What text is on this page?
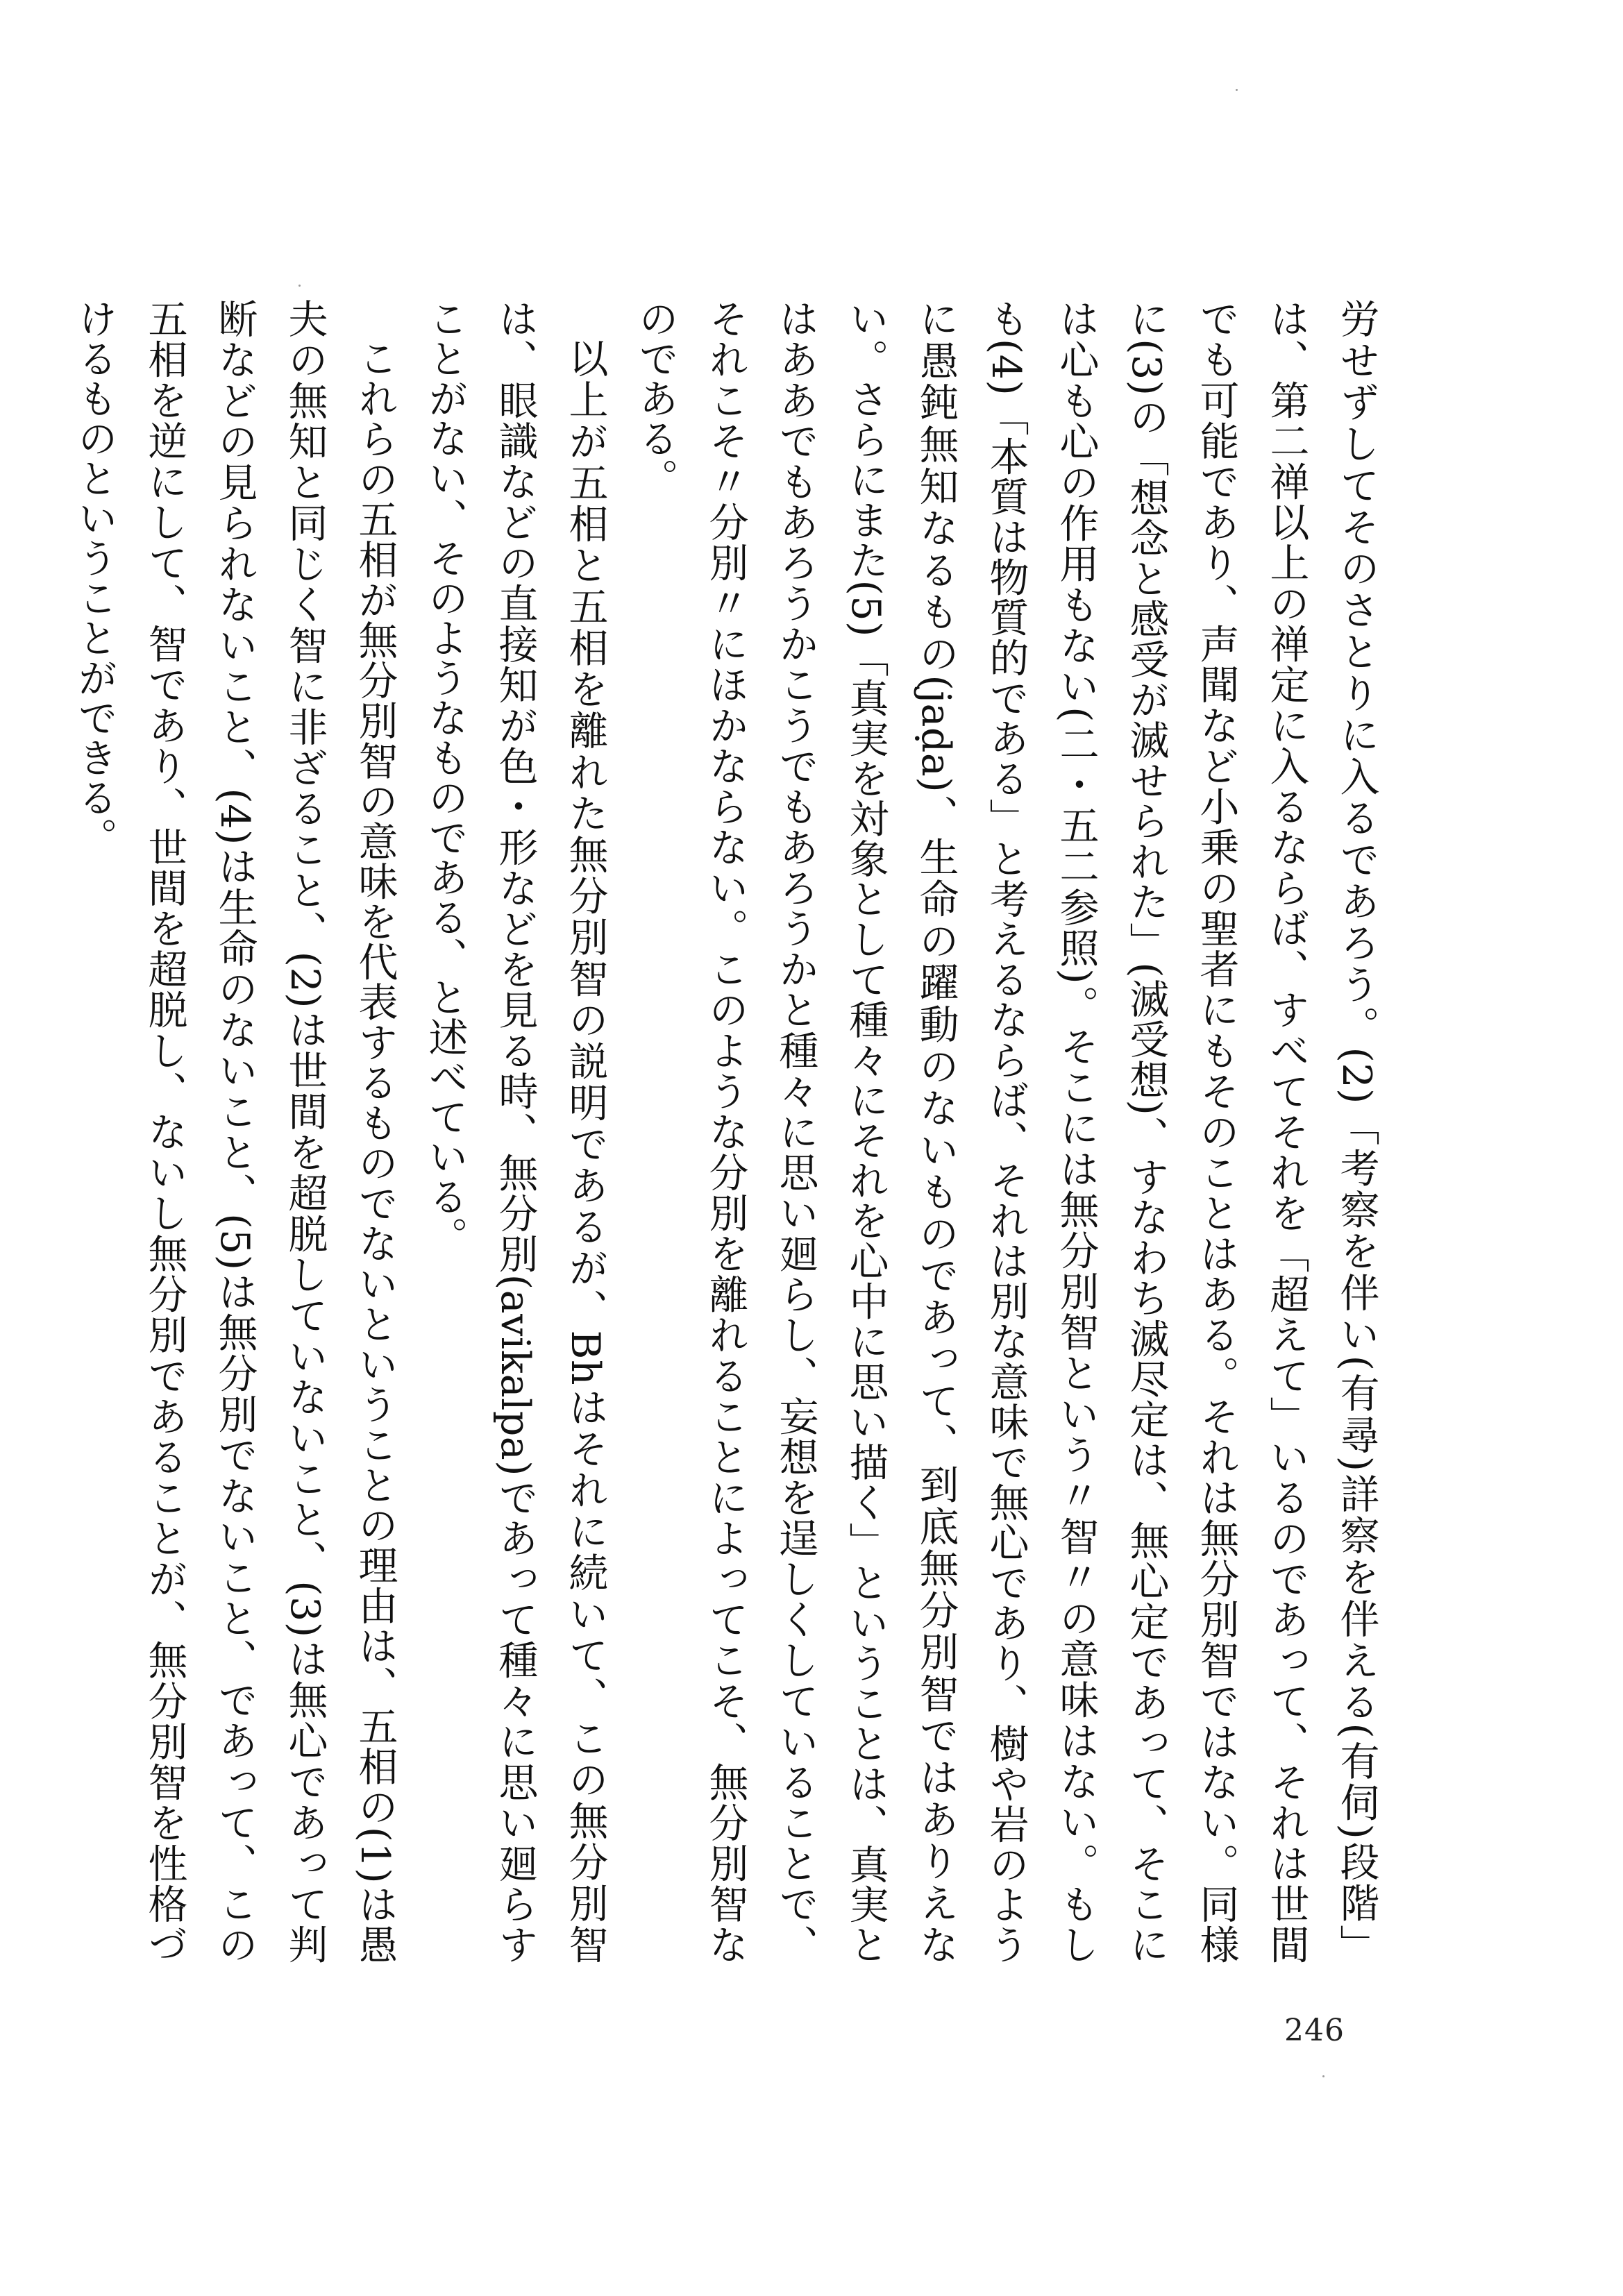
労せずしてそのさとりに入るであろう。(2)「考察を伴い(有尋)詳察を伴える(有伺)段階」は、第二禅以上の禅定に入るならば、すべてそれを「超えて」いるのであって、それは世間でも可能であり、声聞など小乗の聖者にもそのことはある。それは無分別智ではない。同様に(3)の「想念と感受が滅せられた」(滅受想)、すなわち滅尽定は、無心定であって、そこには心も心の作用もない(二・五二参照)。そこには無分別智という〃智〃の意味はない。もしも(4)「本質は物質的である」と考えるならば、それは別な意味で無心であり、樹や岩のように愚鈍無知なるもの(jaḍa)、生命の躍動のないものであって、到底無分別智ではありえない。さらにまた(5)「真実を対象として種々にそれを心中に思い描く」ということは、真実とはああでもあろうかこうでもあろうかと種々に思い廻らし、妄想を逞しくしていることで、それこそ〃分別〃にほかならない。このような分別を離れることによってこそ、無分別智なのである。

以上が五相と五相を離れた無分別智の説明であるが、Bhはそれに続いて、この無分別智は、眼識などの直接知が色・形などを見る時、無分別(avikalpa)であって種々に思い廻らすことがない、そのようなものである、と述べている。

これらの五相が無分別智の意味を代表するものでないということの理由は、五相の(1)は愚夫の無知と同じく智に非ざること、(2)は世間を超脱していないこと、(3)は無心であって判断などの見られないこと、(4)は生命のないこと、(5)は無分別でないこと、であって、この五相を逆にして、智であり、世間を超脱し、ないし無分別であることが、無分別智を性格づけるものということができる。

246
